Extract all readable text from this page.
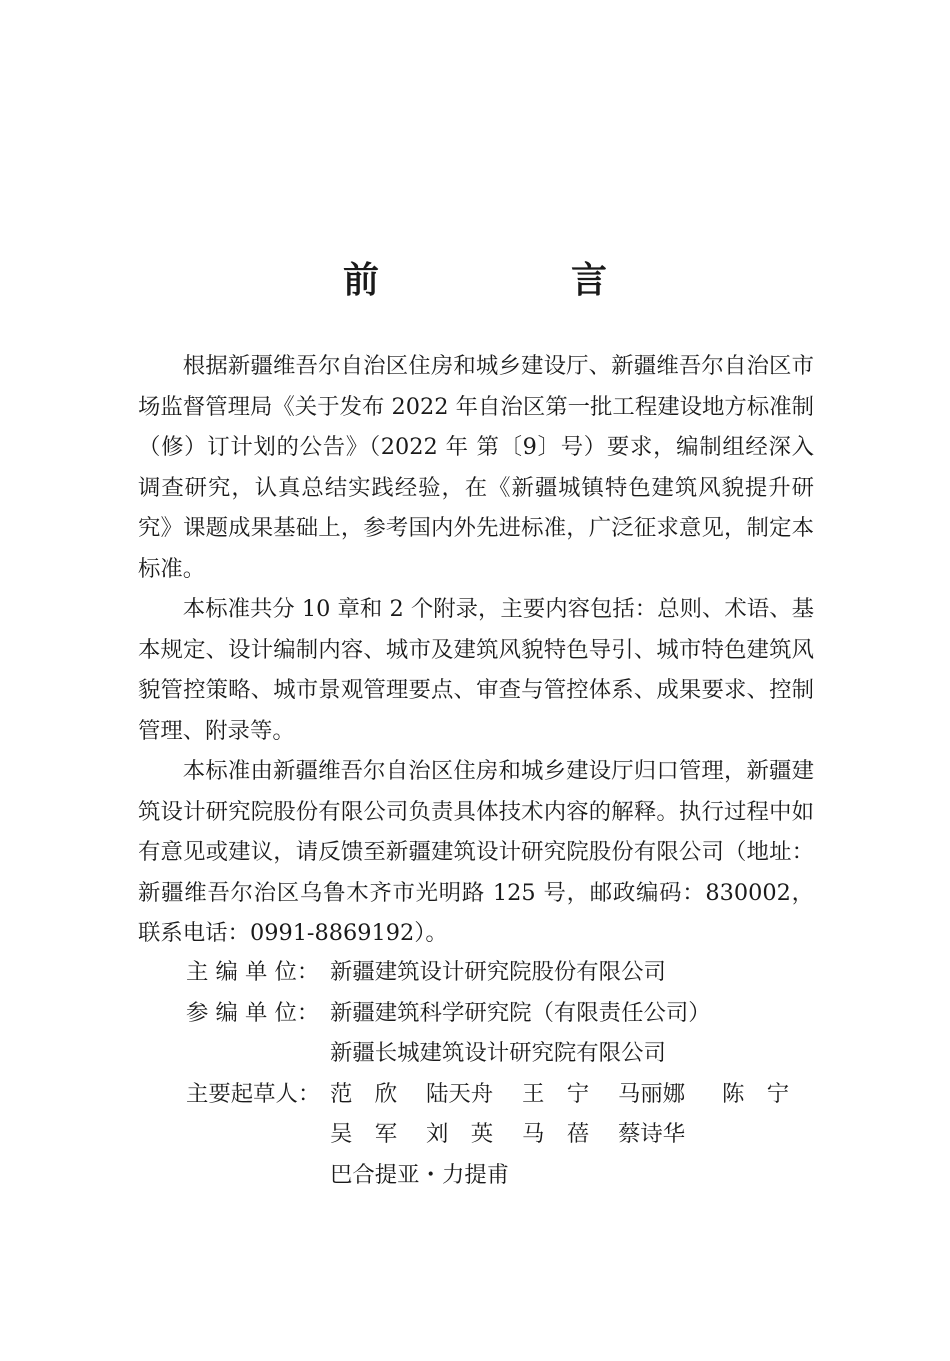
前　言

根据新疆维吾尔自治区住房和城乡建设厅、新疆维吾尔自治区市场监督管理局《关于发布 2022 年自治区第一批工程建设地方标准制（修）订计划的公告》（2022 年 第〔9〕号）要求，编制组经深入调查研究，认真总结实践经验，在《新疆城镇特色建筑风貌提升研究》课题成果基础上，参考国内外先进标准，广泛征求意见，制定本标准。

本标准共分 10 章和 2 个附录，主要内容包括：总则、术语、基本规定、设计编制内容、城市及建筑风貌特色导引、城市特色建筑风貌管控策略、城市景观管理要点、审查与管控体系、成果要求、控制管理、附录等。

本标准由新疆维吾尔自治区住房和城乡建设厅归口管理，新疆建筑设计研究院股份有限公司负责具体技术内容的解释。执行过程中如有意见或建议，请反馈至新疆建筑设计研究院股份有限公司（地址：新疆维吾尔治区乌鲁木齐市光明路 125 号，邮政编码：830002，联系电话：0991-8869192）。

主 编 单 位： 新疆建筑设计研究院股份有限公司
参 编 单 位： 新疆建筑科学研究院（有限责任公司）
新疆长城建筑设计研究院有限公司
主要起草人： 范　欣	陆天舟	王　宁	马丽娜	陈　宁
吴　军	刘　英	马　蓓	蔡诗华
巴合提亚・力提甫
